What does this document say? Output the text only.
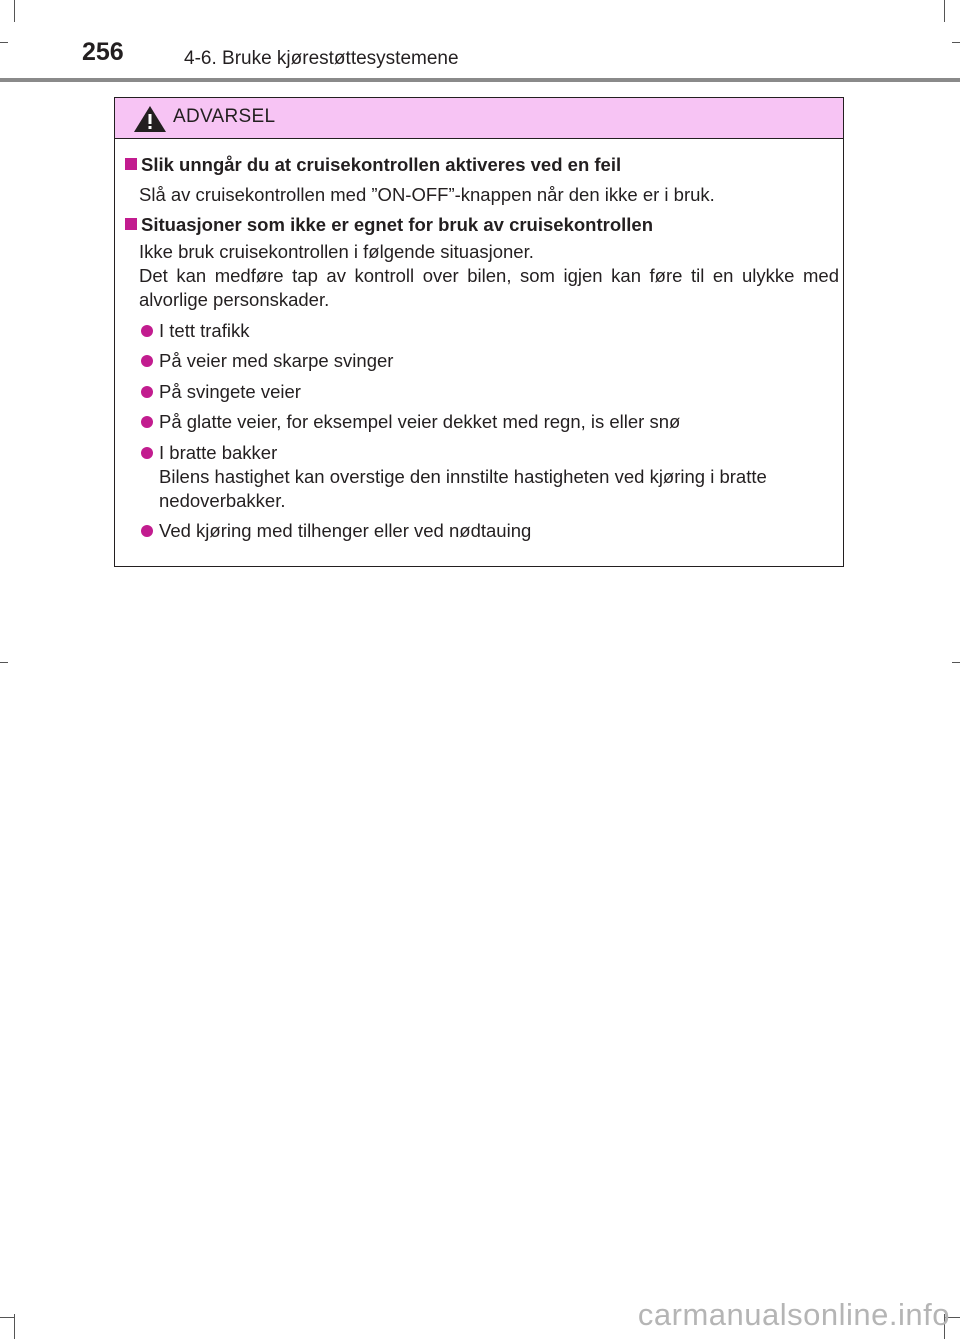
256	4-6. Bruke kjørestøttesystemene
ADVARSEL
Slik unngår du at cruisekontrollen aktiveres ved en feil

Slå av cruisekontrollen med ”ON-OFF”-knappen når den ikke er i bruk.

Situasjoner som ikke er egnet for bruk av cruisekontrollen

Ikke bruk cruisekontrollen i følgende situasjoner.

Det kan medføre tap av kontroll over bilen, som igjen kan føre til en ulykke med alvorlige personskader.

I tett trafikk
På veier med skarpe svinger
På svingete veier
På glatte veier, for eksempel veier dekket med regn, is eller snø
I bratte bakker
Bilens hastighet kan overstige den innstilte hastigheten ved kjøring i bratte nedoverbakker.
Ved kjøring med tilhenger eller ved nødtauing
carmanualsonline.info
